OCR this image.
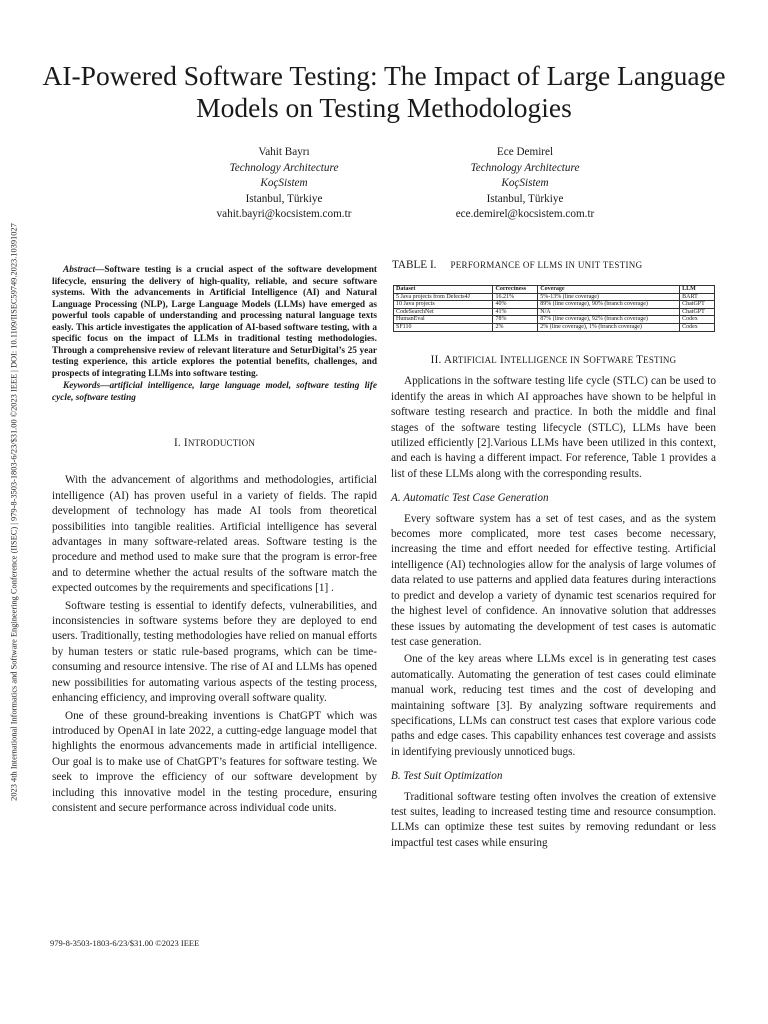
2023 4th International Informatics and Software Engineering Conference (IISEC) | 979-8-3503-1803-6/23/$31.00 ©2023 IEEE | DOI: 10.1109/IISEC59749.2023.10391027
AI-Powered Software Testing: The Impact of Large Language Models on Testing Methodologies
Vahit Bayrı
Technology Architecture
KoçSistem
Istanbul, Türkiye
vahit.bayri@kocsistem.com.tr
Ece Demirel
Technology Architecture
KoçSistem
Istanbul, Türkiye
ece.demirel@kocsistem.com.tr

Abstract—Software testing is a crucial aspect of the software development lifecycle, ensuring the delivery of high-quality, reliable, and secure software systems. With the advancements in Artificial Intelligence (AI) and Natural Language Processing (NLP), Large Language Models (LLMs) have emerged as powerful tools capable of understanding and processing natural language texts easly. This article investigates the application of AI-based software testing, with a specific focus on the impact of LLMs in traditional testing methodologies. Through a comprehensive review of relevant literature and SeturDigital’s 25 year testing experience, this article explores the potential benefits, challenges, and prospects of integrating LLMs into software testing.

Keywords—artificial intelligence, large language model, software testing life cycle, software testing

I. INTRODUCTION

With the advancement of algorithms and methodologies, artificial intelligence (AI) has proven useful in a variety of fields. The rapid development of technology has made AI tools from theoretical possibilities into tangible realities. Artificial intelligence has several advantages in many software-related areas. Software testing is the procedure and method used to make sure that the program is error-free and to determine whether the actual results of the software match the expected outcomes by the requirements and specifications [1] .

Software testing is essential to identify defects, vulnerabilities, and inconsistencies in software systems before they are deployed to end users. Traditionally, testing methodologies have relied on manual efforts by human testers or static rule-based programs, which can be time-consuming and resource intensive. The rise of AI and LLMs has opened new possibilities for automating various aspects of the testing process, enhancing efficiency, and improving overall software quality.

One of these ground-breaking inventions is ChatGPT which was introduced by OpenAI in late 2022, a cutting-edge language model that highlights the enormous advancements made in artificial intelligence. Our goal is to make use of ChatGPT’s features for software testing. We seek to improve the efficiency of our software development by including this innovative model in the testing procedure, ensuring consistent and secure performance across individual code units.

TABLE I. PERFORMANCE OF LLMS IN UNIT TESTING
Dataset	Correctness	Coverage	LLM
5 Java projects from Defects4J	16.21%	5%-13% (line coverage)	BART
10 Java projects	40%	89% (line coverage), 90% (branch coverage)	ChatGPT
CodeSearchNet	41%	N/A	ChatGPT
HumanEval	78%	87% (line coverage), 92% (branch coverage)	Codex
SF110	2%	2% (line coverage), 1% (branch coverage)	Codex
II. ARTIFICIAL INTELLIGENCE IN SOFTWARE TESTING

Applications in the software testing life cycle (STLC) can be used to identify the areas in which AI approaches have shown to be helpful in software testing research and practice. In both the middle and final stages of the software testing lifecycle (STLC), LLMs have been utilized efficiently [2].Various LLMs have been utilized in this context, and each is having a different impact. For reference, Table 1 provides a list of these LLMs along with the corresponding results.

A. Automatic Test Case Generation

Every software system has a set of test cases, and as the system becomes more complicated, more test cases become necessary, increasing the time and effort needed for effective testing. Artificial intelligence (AI) technologies allow for the analysis of large volumes of data related to use patterns and applied data features during interactions to predict and develop a variety of dynamic test scenarios required for the highest level of confidence. An innovative solution that addresses these issues by automating the development of test cases is automatic test case generation.

One of the key areas where LLMs excel is in generating test cases automatically. Automating the generation of test cases could eliminate manual work, reducing test times and the cost of developing and maintaining software [3]. By analyzing software requirements and specifications, LLMs can construct test cases that explore various code paths and edge cases. This capability enhances test coverage and assists in identifying previously unnoticed bugs.

B. Test Suit Optimization

Traditional software testing often involves the creation of extensive test suites, leading to increased testing time and resource consumption. LLMs can optimize these test suites by removing redundant or less impactful test cases while ensuring

979-8-3503-1803-6/23/$31.00 ©2023 IEEE
